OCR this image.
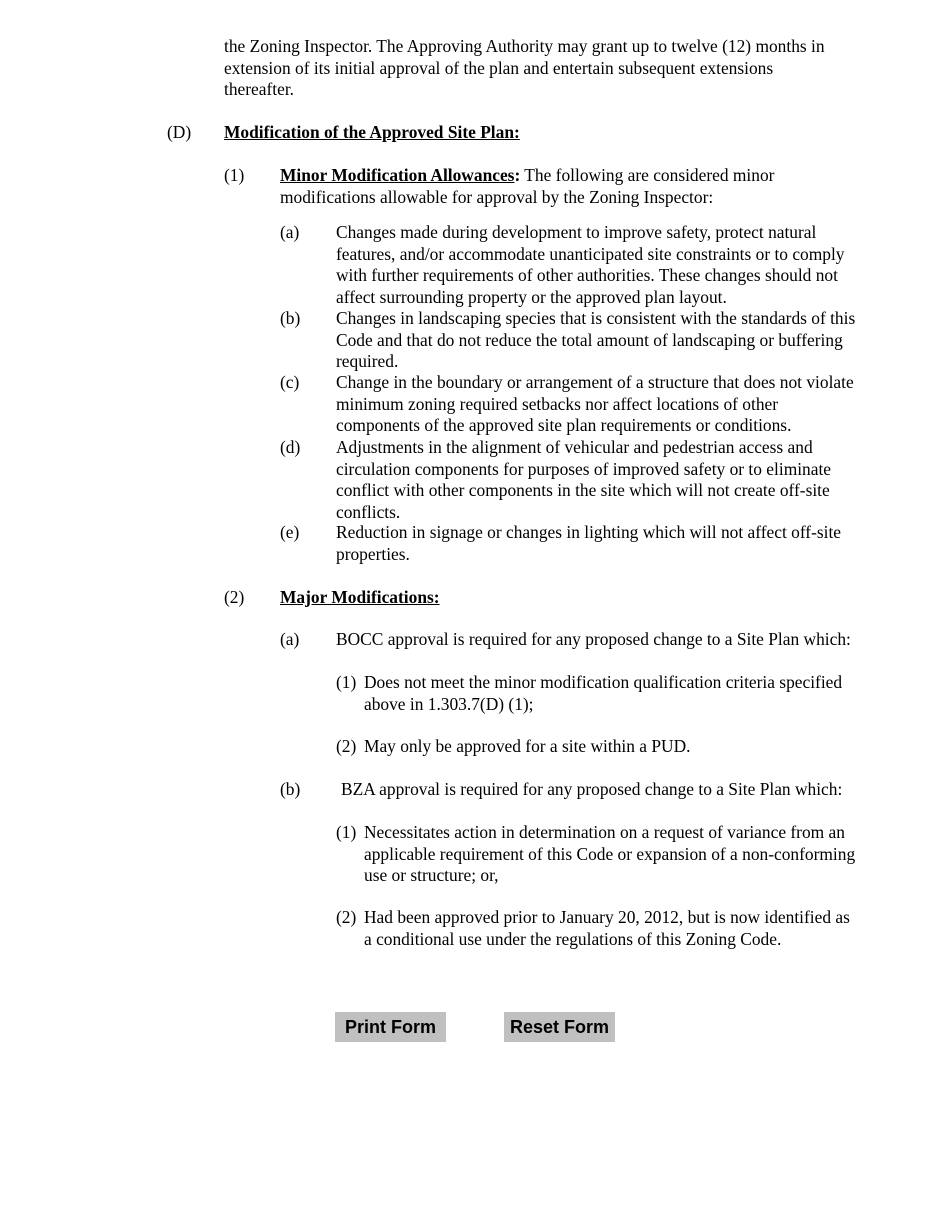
the Zoning Inspector. The Approving Authority may grant up to twelve (12) months in
extension of its initial approval of the plan and entertain subsequent extensions
thereafter.
(D) Modification of the Approved Site Plan:
(1) Minor Modification Allowances: The following are considered minor
modifications allowable for approval by the Zoning Inspector:
(a) Changes made during development to improve safety, protect natural
features, and/or accommodate unanticipated site constraints or to comply
with further requirements of other authorities. These changes should not
affect surrounding property or the approved plan layout.
(b) Changes in landscaping species that is consistent with the standards of this
Code and that do not reduce the total amount of landscaping or buffering
required.
(c) Change in the boundary or arrangement of a structure that does not violate
minimum zoning required setbacks nor affect locations of other
components of the approved site plan requirements or conditions.
(d) Adjustments in the alignment of vehicular and pedestrian access and
circulation components for purposes of improved safety or to eliminate
conflict with other components in the site which will not create off-site
conflicts.
(e) Reduction in signage or changes in lighting which will not affect off-site
properties.
(2) Major Modifications:
(a) BOCC approval is required for any proposed change to a Site Plan which:
(1) Does not meet the minor modification qualification criteria specified
above in 1.303.7(D) (1);
(2) May only be approved for a site within a PUD.
(b) BZA approval is required for any proposed change to a Site Plan which:
(1) Necessitates action in determination on a request of variance from an
applicable requirement of this Code or expansion of a non-conforming
use or structure; or,
(2) Had been approved prior to January 20, 2012, but is now identified as
a conditional use under the regulations of this Zoning Code.
Print Form	Reset Form
